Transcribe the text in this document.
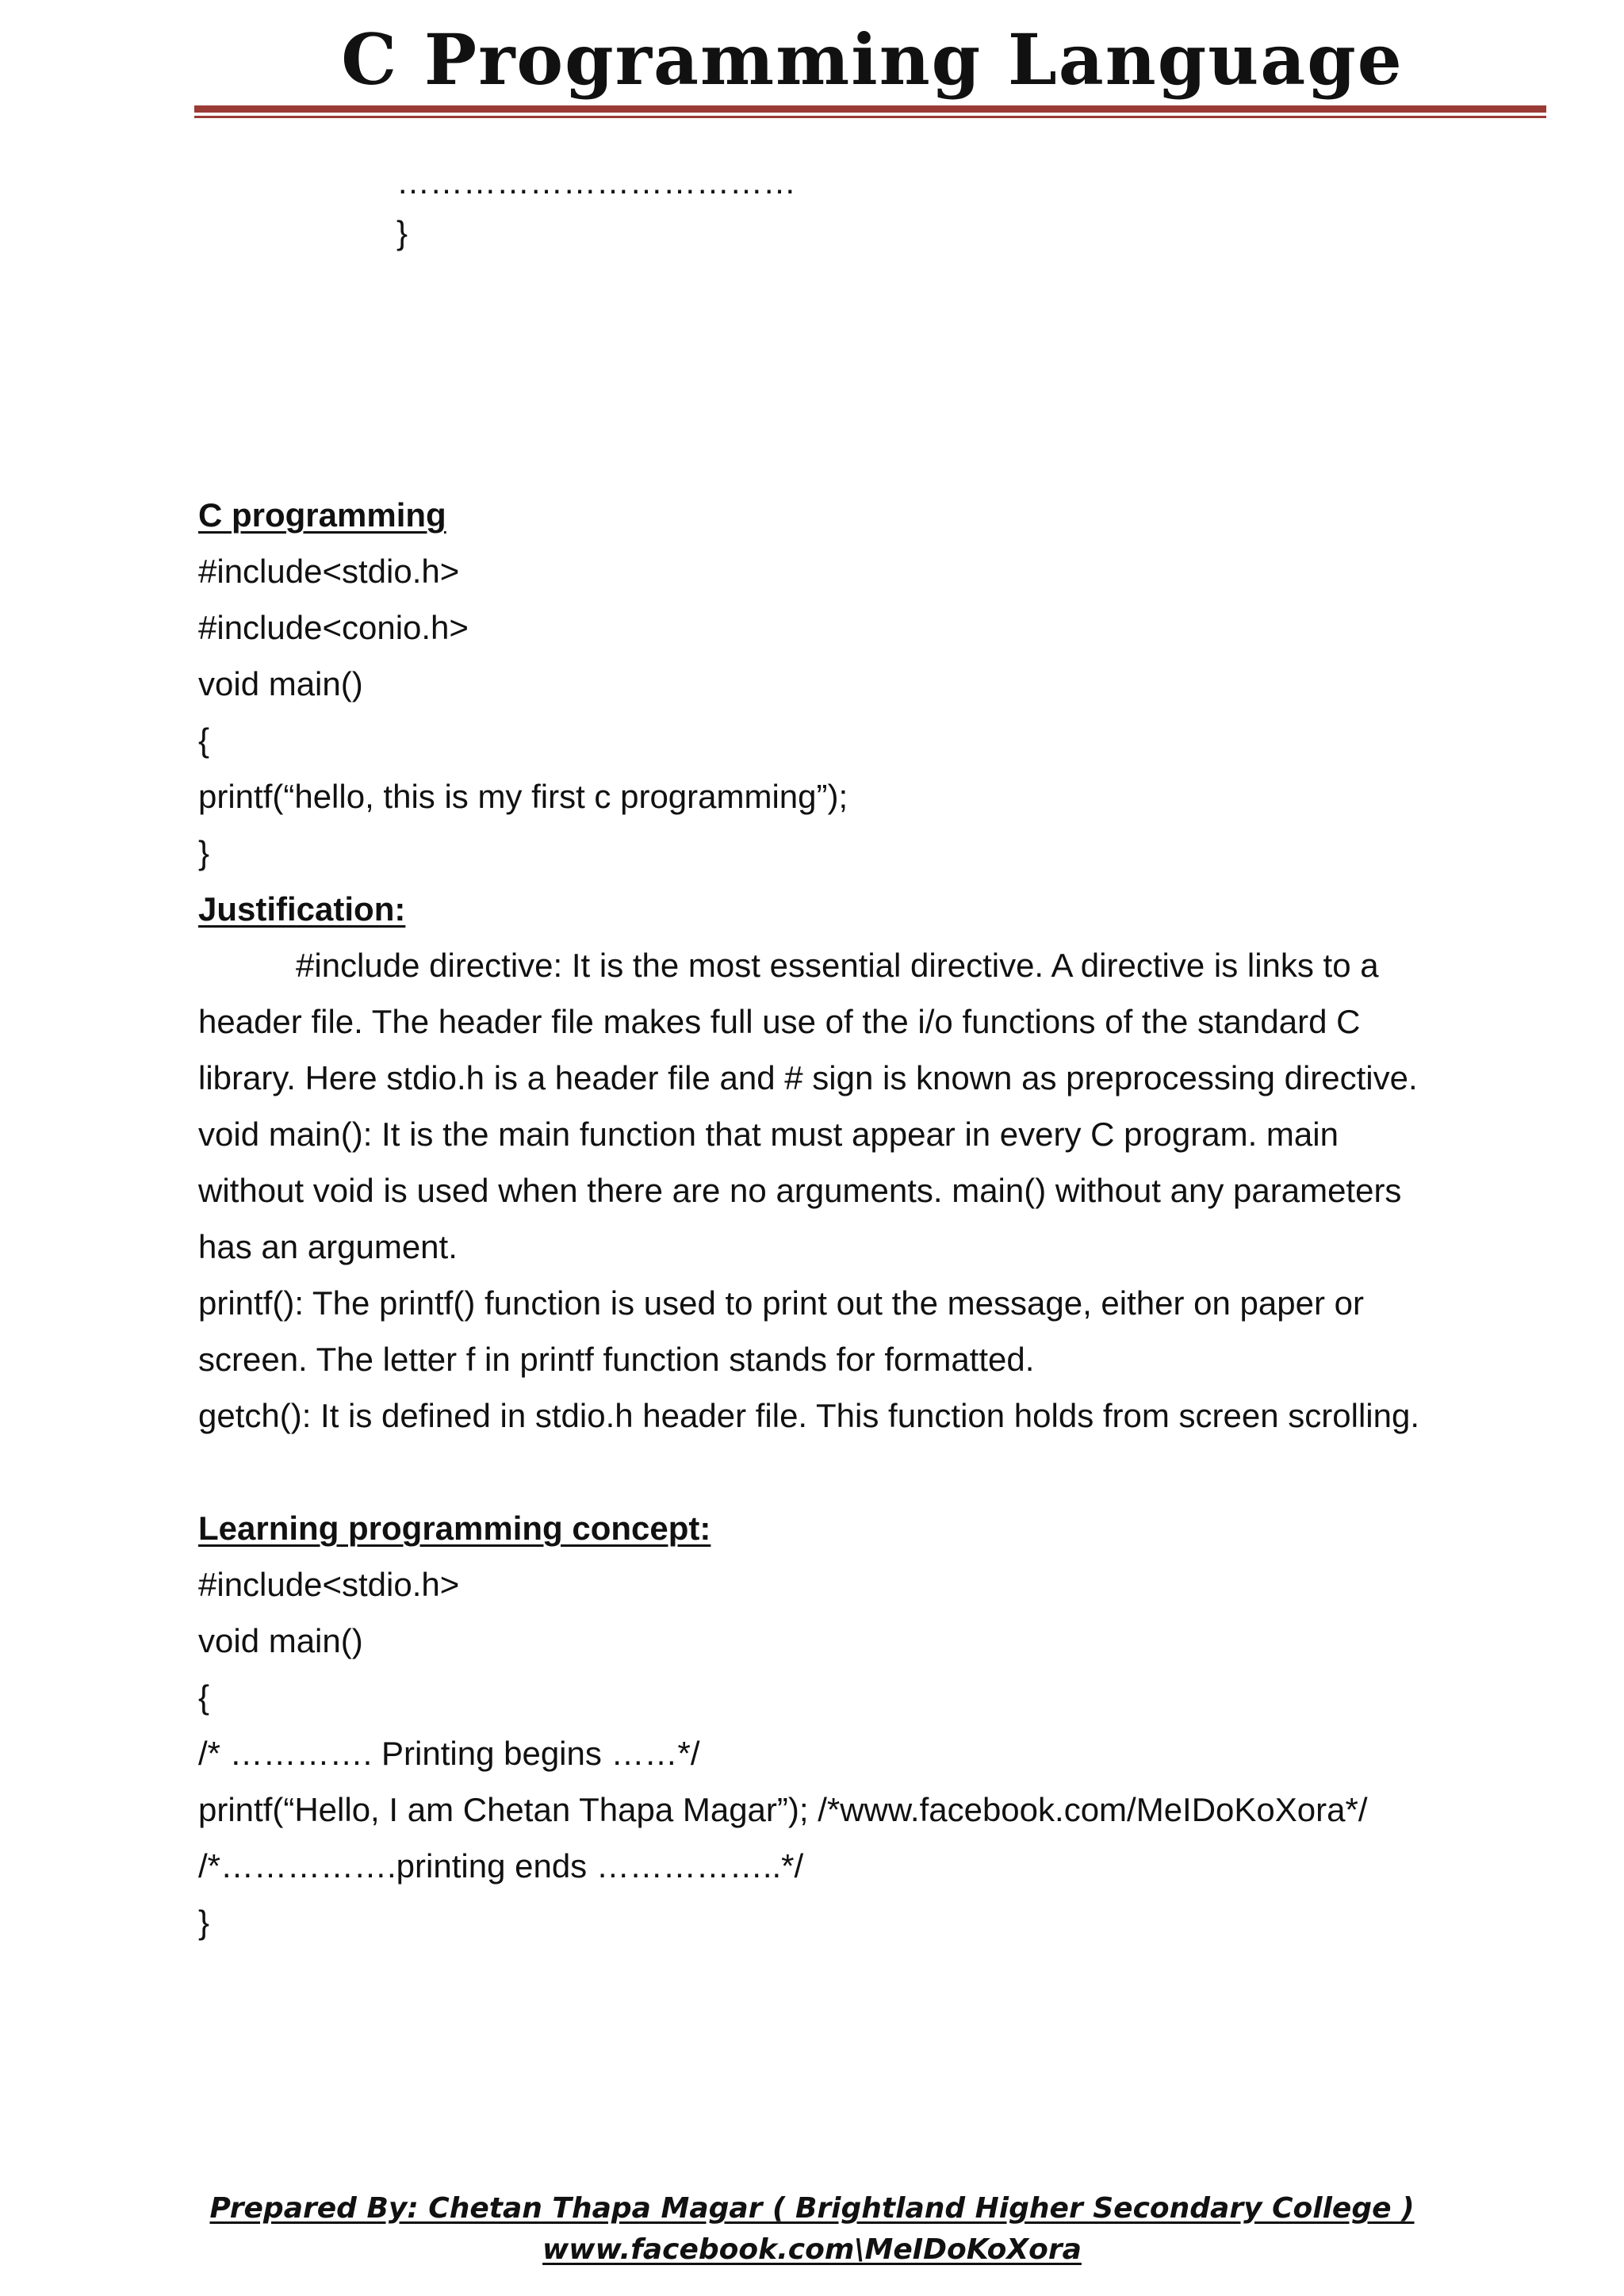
C Programming Language

………………………………

}

C programming

#include<stdio.h>

#include<conio.h>

void main()

{

printf(“hello, this is my first c programming”);

}

Justification:

#include directive: It is the most essential directive. A directive is links to a

header file. The header file makes full use of the i/o functions of the standard C

library. Here stdio.h is a header file and # sign is known as preprocessing directive.

void main(): It is the main function that must appear in every C program. main

without void is used when there are no arguments. main() without any parameters

has an argument.

printf(): The printf() function is used to print out the message, either on paper or

screen. The letter f in printf function stands for formatted.

getch(): It is defined in stdio.h header file. This function holds from screen scrolling.

Learning programming concept:

#include<stdio.h>

void main()

{

/* …………. Printing begins ……*/

printf(“Hello, I am Chetan Thapa Magar”); /*www.facebook.com/MeIDoKoXora*/

/*…………….printing ends ……………..*/

}

Prepared By: Chetan Thapa Magar ( Brightland Higher Secondary College )
www.facebook.com\MeIDoKoXora
